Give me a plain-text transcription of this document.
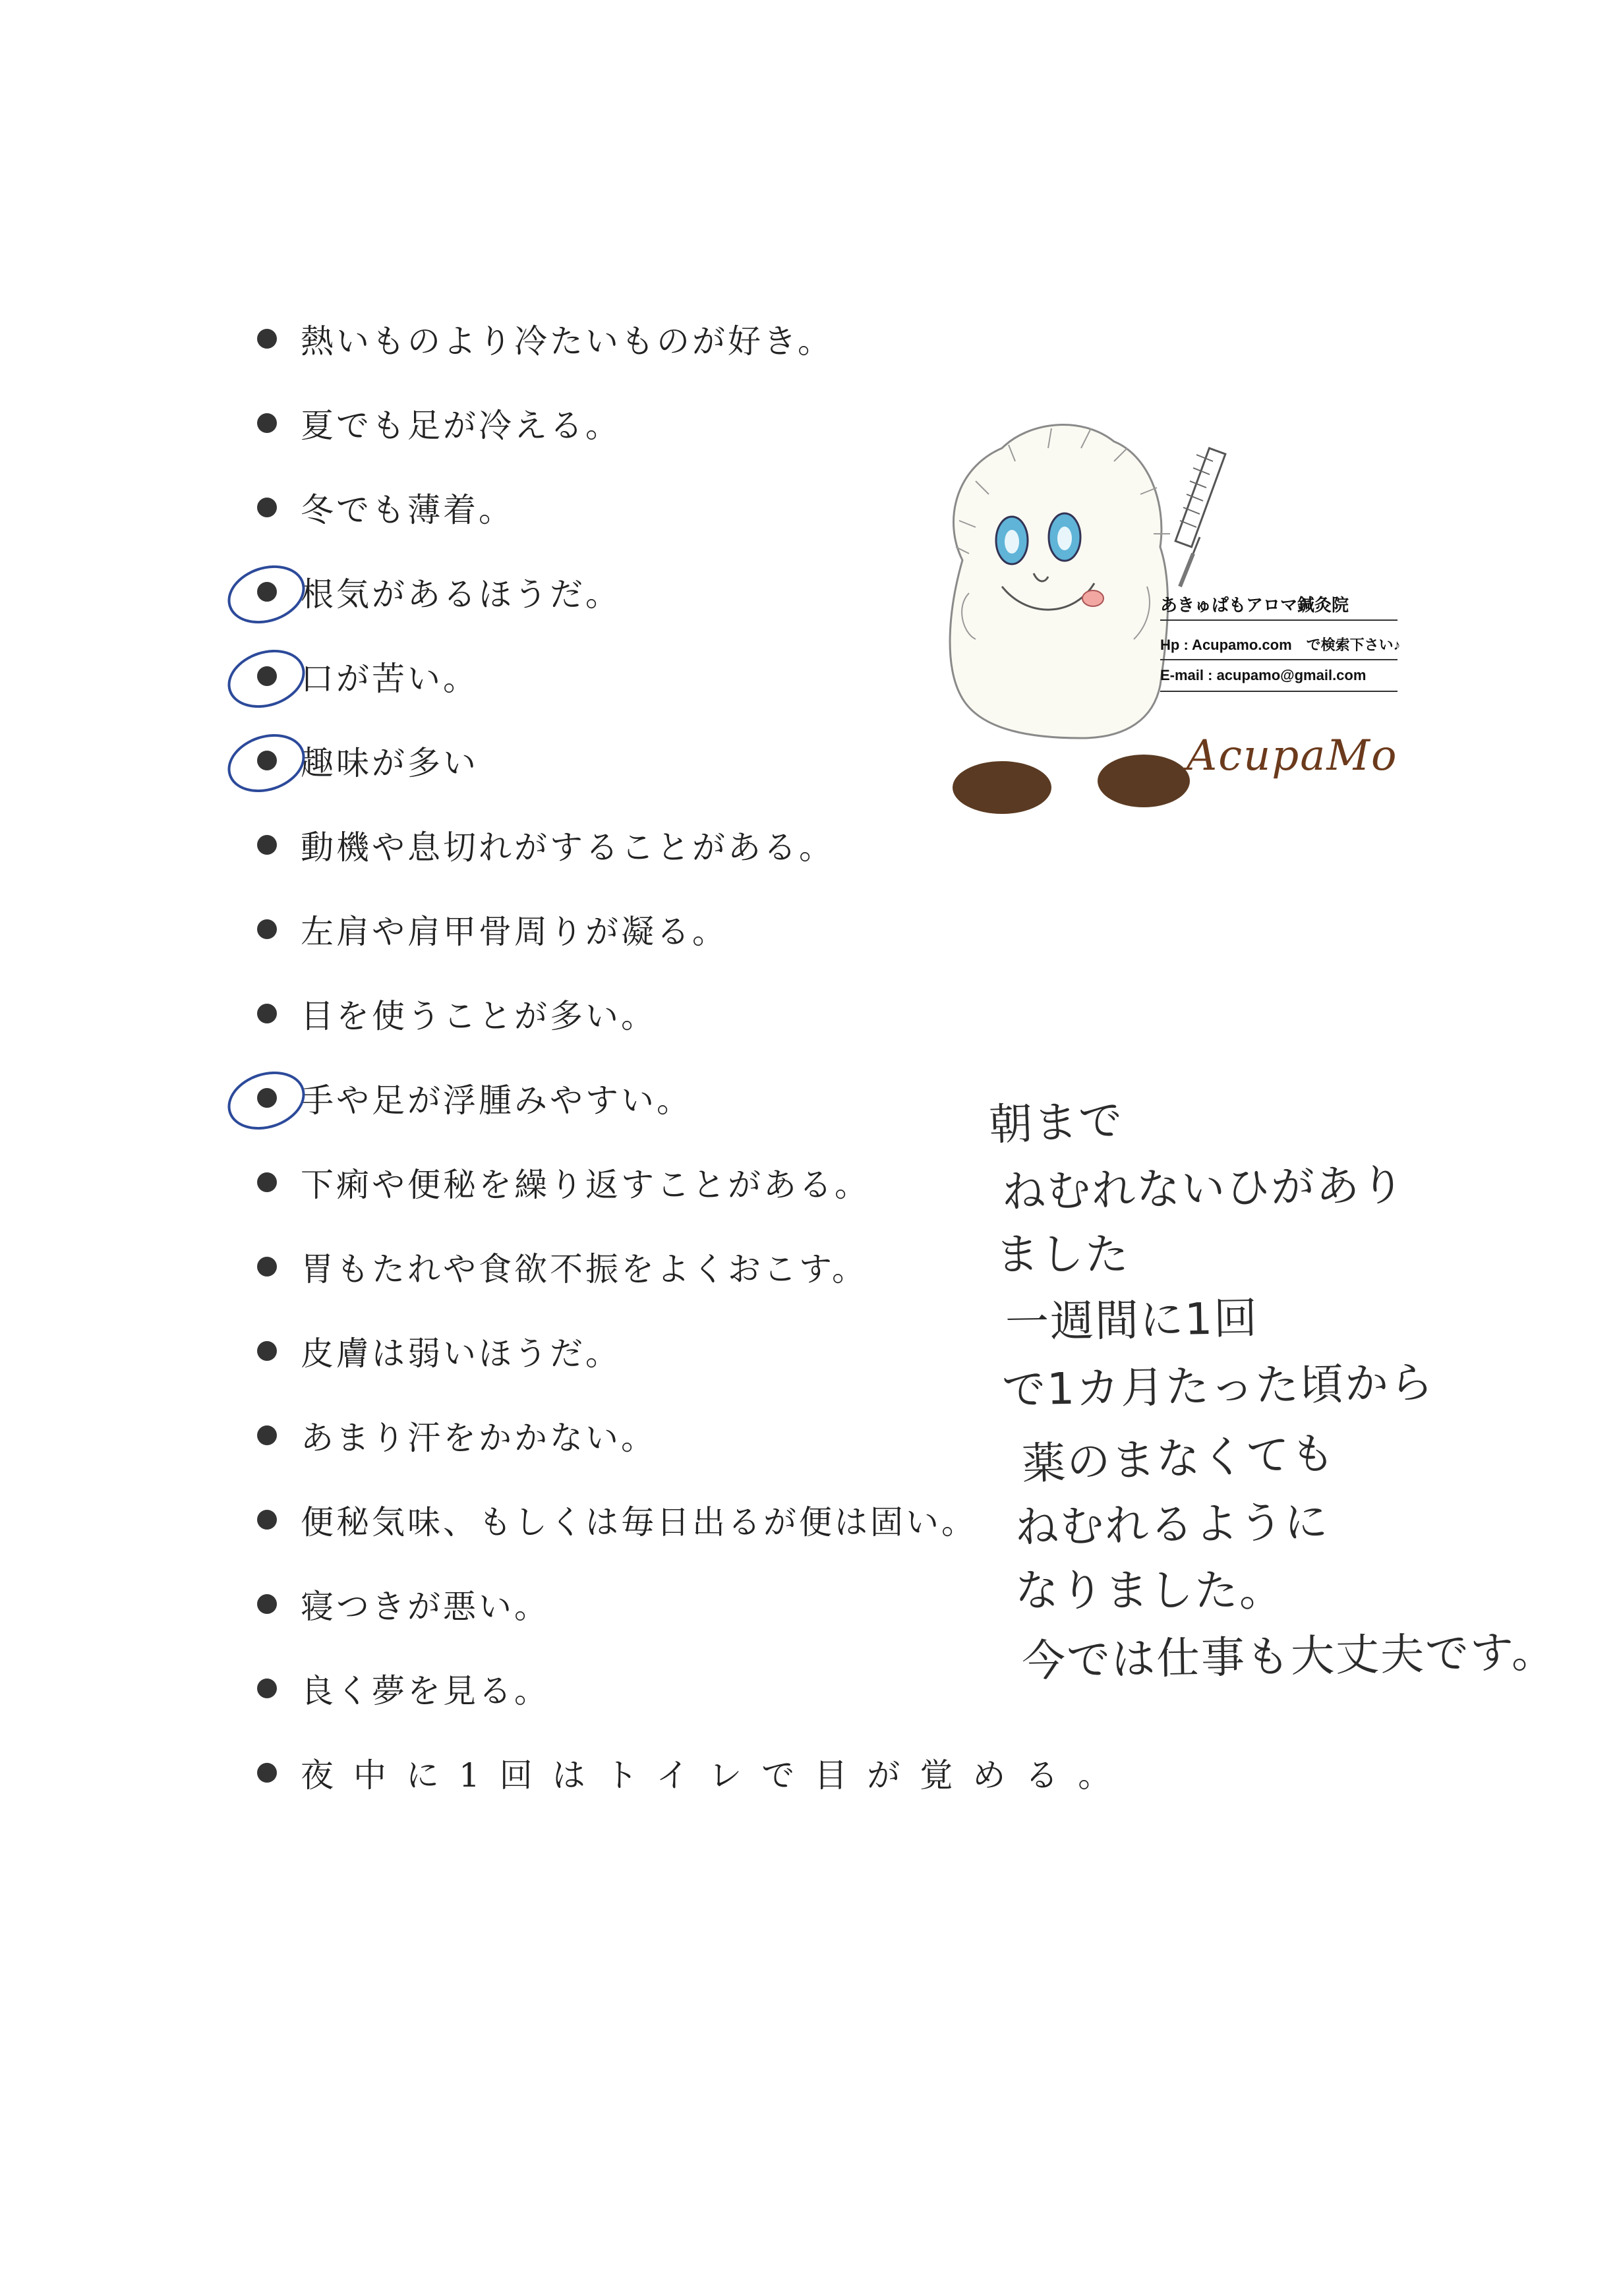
熱いものより冷たいものが好き。
夏でも足が冷える。
冬でも薄着。
根気があるほうだ。
口が苦い。
趣味が多い
動機や息切れがすることがある。
左肩や肩甲骨周りが凝る。
目を使うことが多い。
手や足が浮腫みやすい。
下痢や便秘を繰り返すことがある。
胃もたれや食欲不振をよくおこす。
皮膚は弱いほうだ。
あまり汗をかかない。
便秘気味、もしくは毎日出るが便は固い。
寝つきが悪い。
良く夢を見る。
夜中に1回はトイレで目が覚める。
あきゅぱもアロマ鍼灸院
Hp : Acupamo.com　で検索下さい♪
E-mail : acupamo@gmail.com
AcupaMo
朝まで
ねむれないひがあり
ました
一週間に1回
で1カ月たった頃から
薬のまなくても
ねむれるように
なりました。
今では仕事も大丈夫です。
